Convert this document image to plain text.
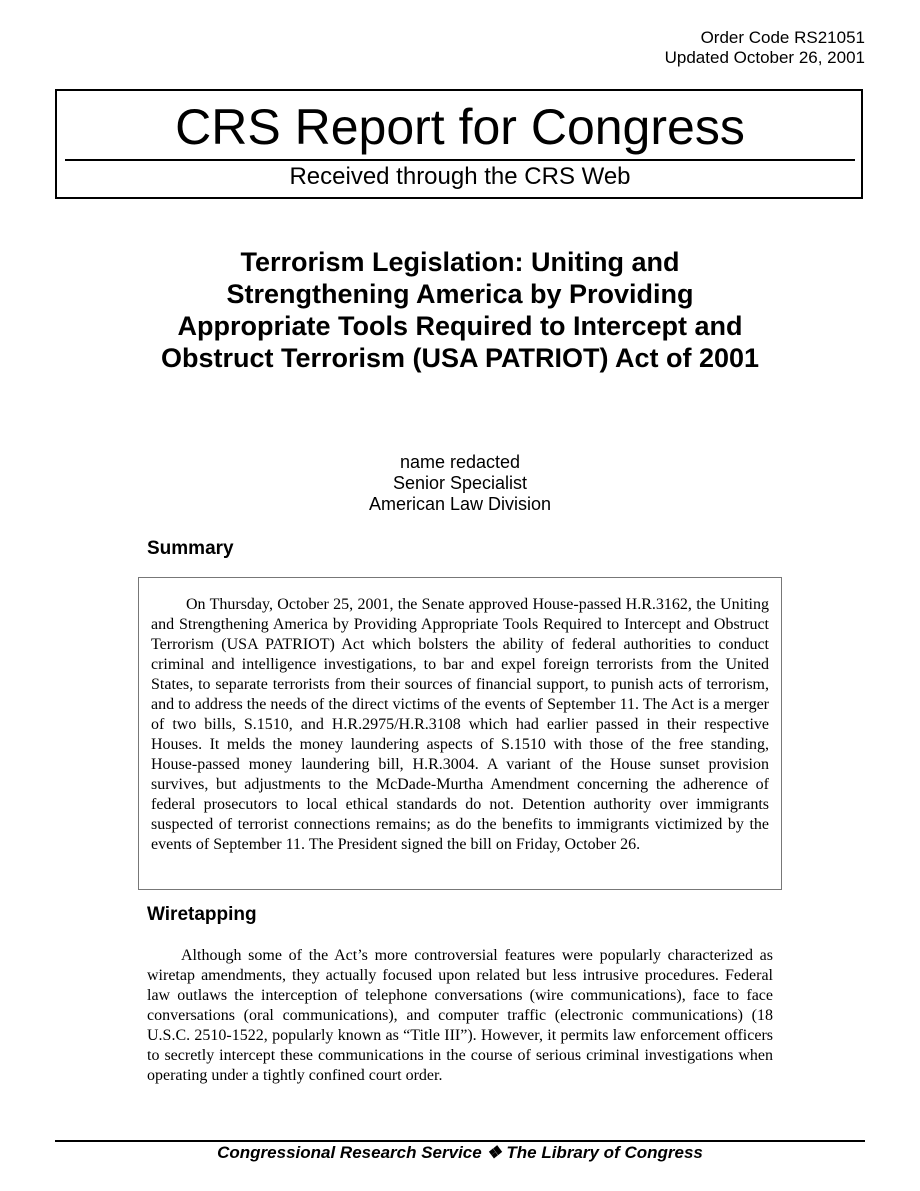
Order Code RS21051
Updated October 26, 2001
CRS Report for Congress
Received through the CRS Web
Terrorism Legislation: Uniting and
Strengthening America by Providing
Appropriate Tools Required to Intercept and
Obstruct Terrorism (USA PATRIOT) Act of 2001
name redacted
Senior Specialist
American Law Division
Summary

On Thursday, October 25, 2001, the Senate approved House-passed H.R.3162, the Uniting and Strengthening America by Providing Appropriate Tools Required to Intercept and Obstruct Terrorism (USA PATRIOT) Act which bolsters the ability of federal authorities to conduct criminal and intelligence investigations, to bar and expel foreign terrorists from the United States, to separate terrorists from their sources of financial support, to punish acts of terrorism, and to address the needs of the direct victims of the events of September 11. The Act is a merger of two bills, S.1510, and H.R.2975/H.R.3108 which had earlier passed in their respective Houses. It melds the money laundering aspects of S.1510 with those of the free standing, House-passed money laundering bill, H.R.3004. A variant of the House sunset provision survives, but adjustments to the McDade-Murtha Amendment concerning the adherence of federal prosecutors to local ethical standards do not. Detention authority over immigrants suspected of terrorist connections remains; as do the benefits to immigrants victimized by the events of September 11. The President signed the bill on Friday, October 26.

Wiretapping

Although some of the Act’s more controversial features were popularly characterized as wiretap amendments, they actually focused upon related but less intrusive procedures. Federal law outlaws the interception of telephone conversations (wire communications), face to face conversations (oral communications), and computer traffic (electronic communications) (18 U.S.C. 2510-1522, popularly known as “Title III”). However, it permits law enforcement officers to secretly intercept these communications in the course of serious criminal investigations when operating under a tightly confined court order.

Congressional Research Service ❖ The Library of Congress
